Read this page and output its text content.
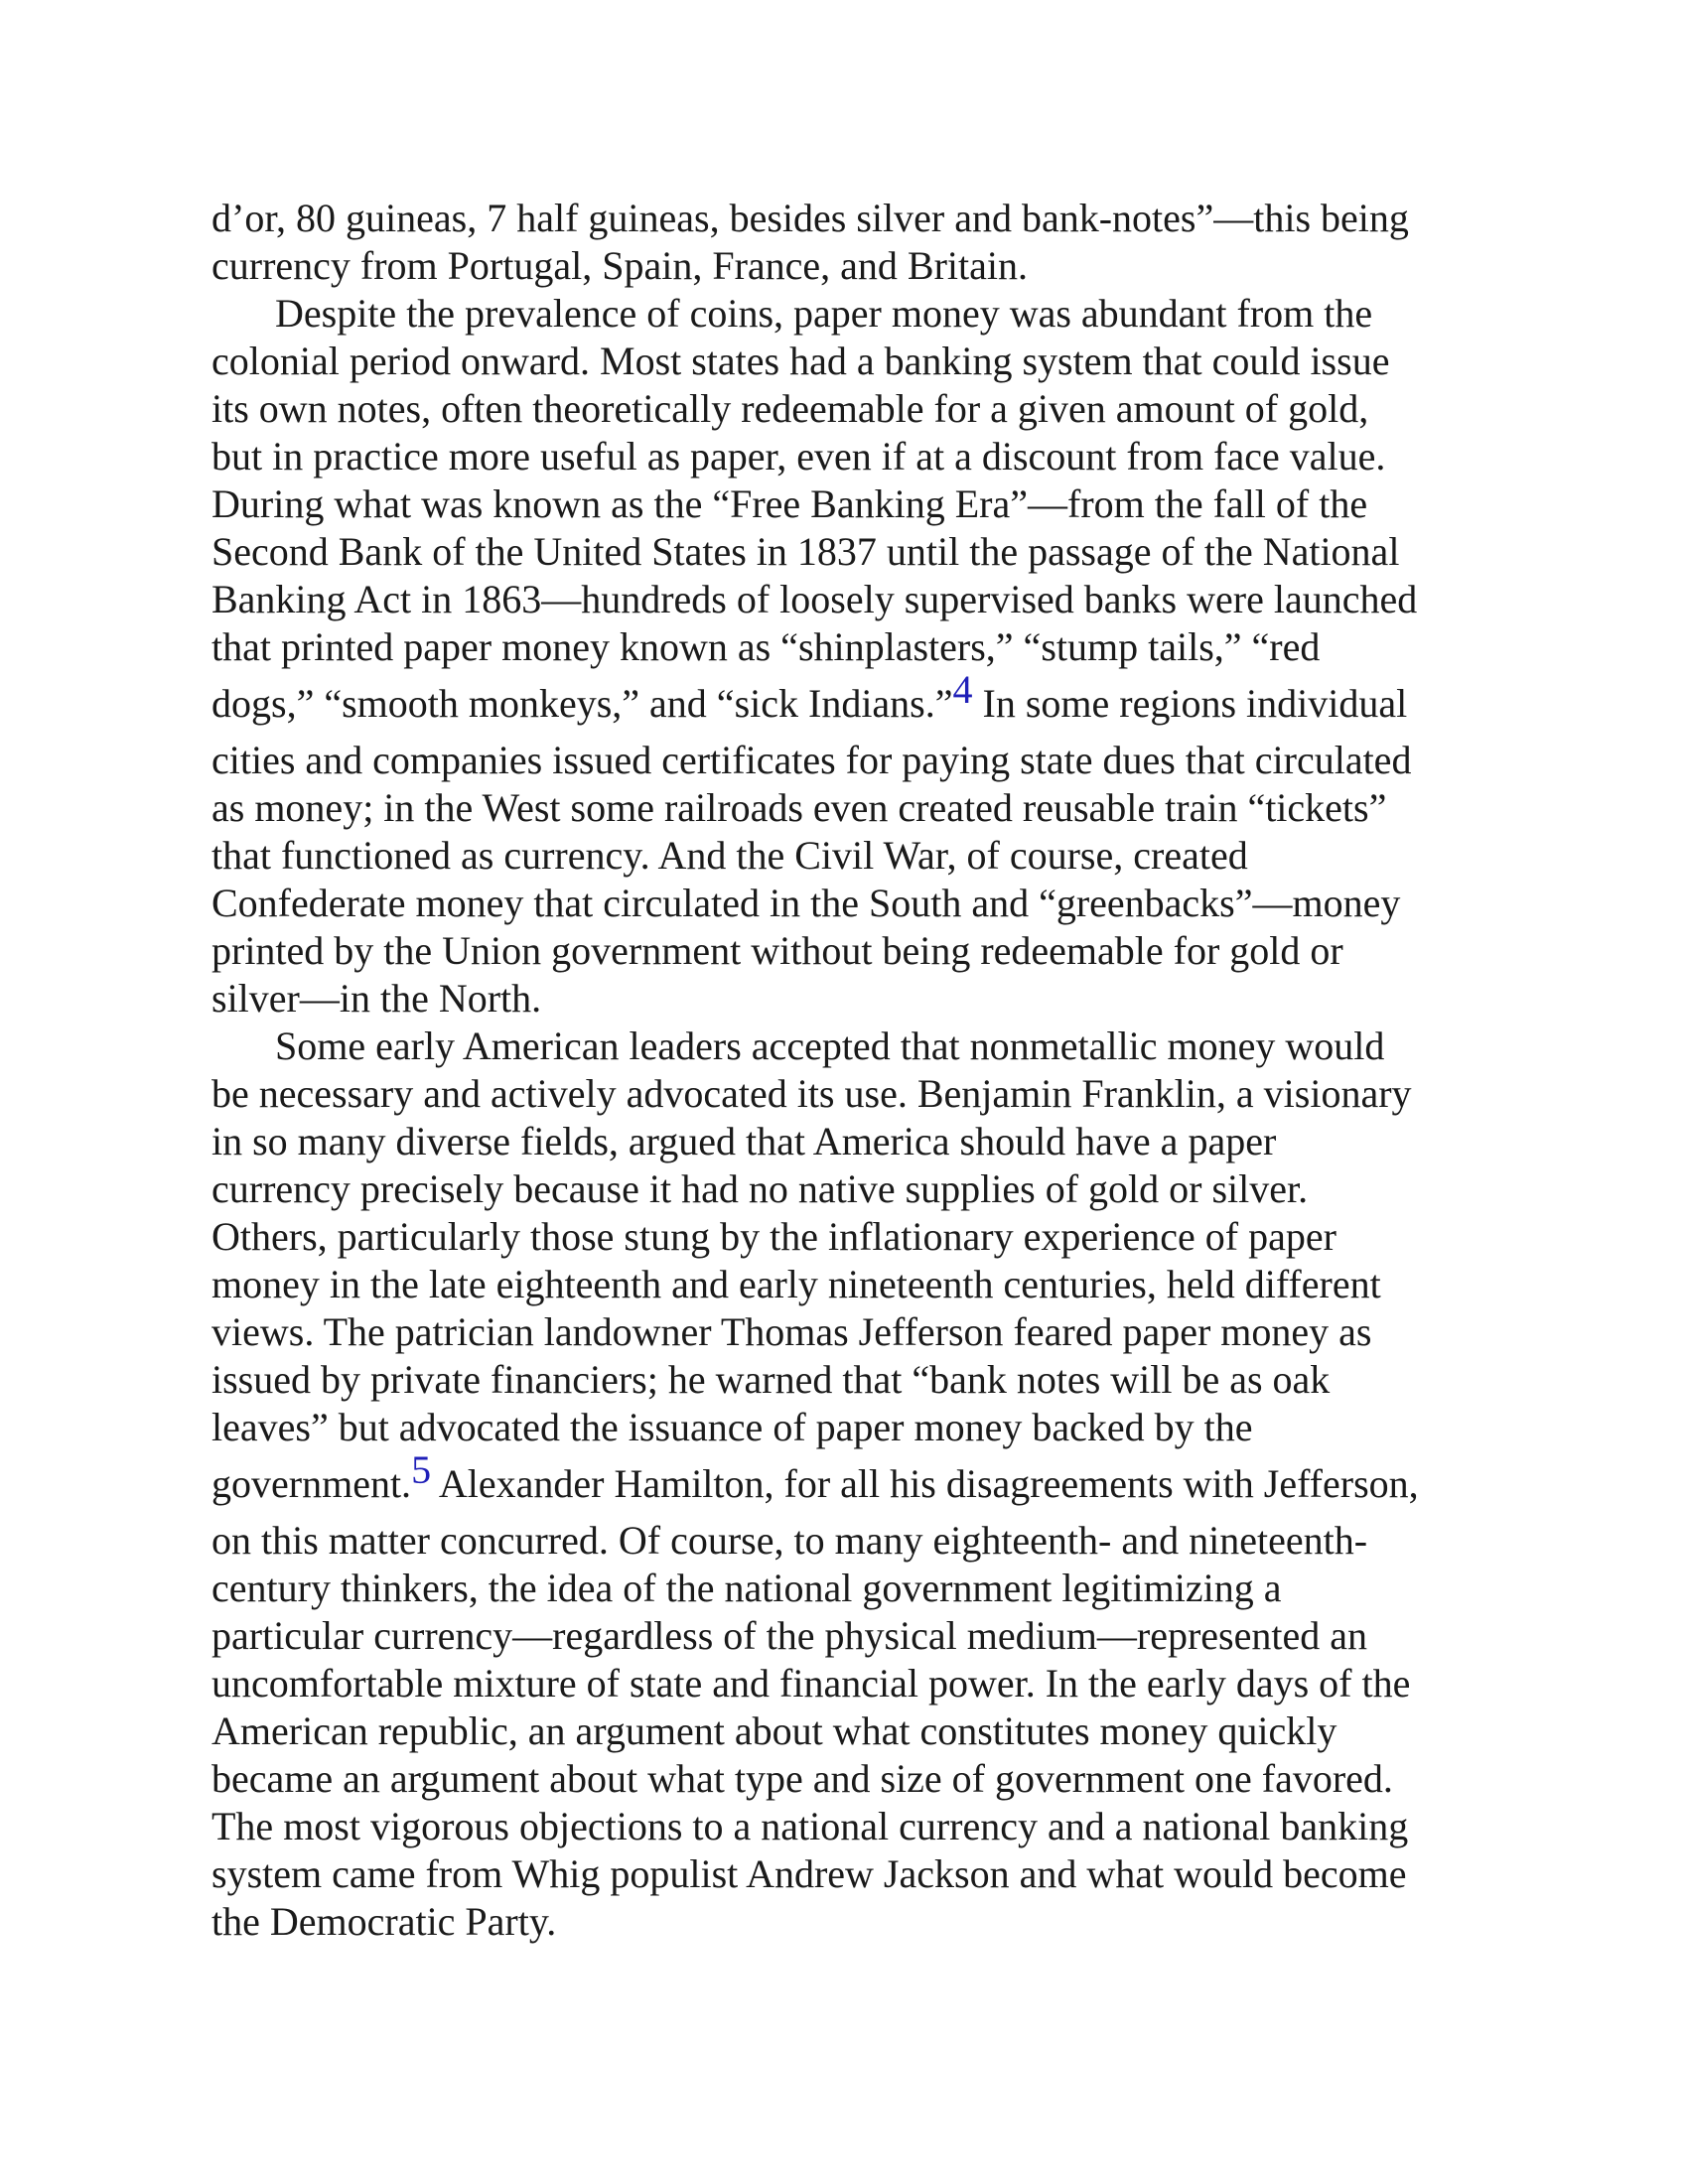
d’or, 80 guineas, 7 half guineas, besides silver and bank-notes”—this being
currency from Portugal, Spain, France, and Britain.
Despite the prevalence of coins, paper money was abundant from the
colonial period onward. Most states had a banking system that could issue
its own notes, often theoretically redeemable for a given amount of gold,
but in practice more useful as paper, even if at a discount from face value.
During what was known as the “Free Banking Era”—from the fall of the
Second Bank of the United States in 1837 until the passage of the National
Banking Act in 1863—hundreds of loosely supervised banks were launched
that printed paper money known as “shinplasters,” “stump tails,” “red
dogs,” “smooth monkeys,” and “sick Indians.”4 In some regions individual
cities and companies issued certificates for paying state dues that circulated
as money; in the West some railroads even created reusable train “tickets”
that functioned as currency. And the Civil War, of course, created
Confederate money that circulated in the South and “greenbacks”—money
printed by the Union government without being redeemable for gold or
silver—in the North.
Some early American leaders accepted that nonmetallic money would
be necessary and actively advocated its use. Benjamin Franklin, a visionary
in so many diverse fields, argued that America should have a paper
currency precisely because it had no native supplies of gold or silver.
Others, particularly those stung by the inflationary experience of paper
money in the late eighteenth and early nineteenth centuries, held different
views. The patrician landowner Thomas Jefferson feared paper money as
issued by private financiers; he warned that “bank notes will be as oak
leaves” but advocated the issuance of paper money backed by the
government.5 Alexander Hamilton, for all his disagreements with Jefferson,
on this matter concurred. Of course, to many eighteenth- and nineteenth-
century thinkers, the idea of the national government legitimizing a
particular currency—regardless of the physical medium—represented an
uncomfortable mixture of state and financial power. In the early days of the
American republic, an argument about what constitutes money quickly
became an argument about what type and size of government one favored.
The most vigorous objections to a national currency and a national banking
system came from Whig populist Andrew Jackson and what would become
the Democratic Party.
